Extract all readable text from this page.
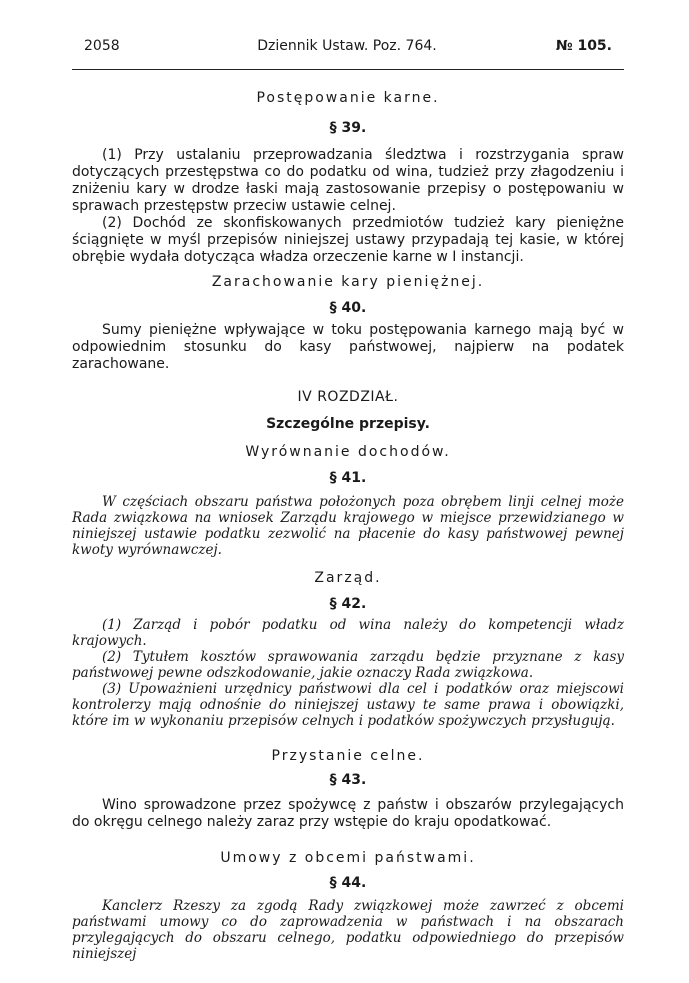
2058	Dziennik Ustaw. Poz. 764.	№ 105.
Postępowanie karne.
§ 39.

(1) Przy ustalaniu przeprowadzania śledztwa i rozstrzygania spraw dotyczących przestępstwa co do podatku od wina, tudzież przy złagodzeniu i zniżeniu kary w drodze łaski mają zastosowanie przepisy o postępowaniu w sprawach przestępstw przeciw ustawie celnej.

(2) Dochód ze skonfiskowanych przedmiotów tudzież kary pieniężne ściągnięte w myśl przepisów niniejszej ustawy przypadają tej kasie, w której obrębie wydała dotycząca władza orzeczenie karne w I instancji.

Zarachowanie kary pieniężnej.
§ 40.

Sumy pieniężne wpływające w toku postępowania karnego mają być w odpowiednim stosunku do kasy państwowej, najpierw na podatek zarachowane.

IV ROZDZIAŁ.
Szczególne przepisy.
Wyrównanie dochodów.
§ 41.

W częściach obszaru państwa położonych poza obrębem linji celnej może Rada związkowa na wniosek Zarządu krajowego w miejsce przewidzianego w niniejszej ustawie podatku zezwolić na płacenie do kasy państwowej pewnej kwoty wyrównawczej.

Zarząd.
§ 42.

(1) Zarząd i pobór podatku od wina należy do kompetencji władz krajowych.

(2) Tytułem kosztów sprawowania zarządu będzie przyznane z kasy państwowej pewne odszkodowanie, jakie oznaczy Rada związkowa.

(3) Upoważnieni urzędnicy państwowi dla cel i podatków oraz miejscowi kontrolerzy mają odnośnie do niniejszej ustawy te same prawa i obowiązki, które im w wykonaniu przepisów celnych i podatków spożywczych przysługują.

Przystanie celne.
§ 43.

Wino sprowadzone przez spożywcę z państw i obszarów przylegających do okręgu celnego należy zaraz przy wstępie do kraju opodatkować.

Umowy z obcemi państwami.
§ 44.

Kanclerz Rzeszy za zgodą Rady związkowej może zawrzeć z obcemi państwami umowy co do zaprowadzenia w państwach i na obszarach przylegających do obszaru celnego, podatku odpowiedniego do przepisów niniejszej
